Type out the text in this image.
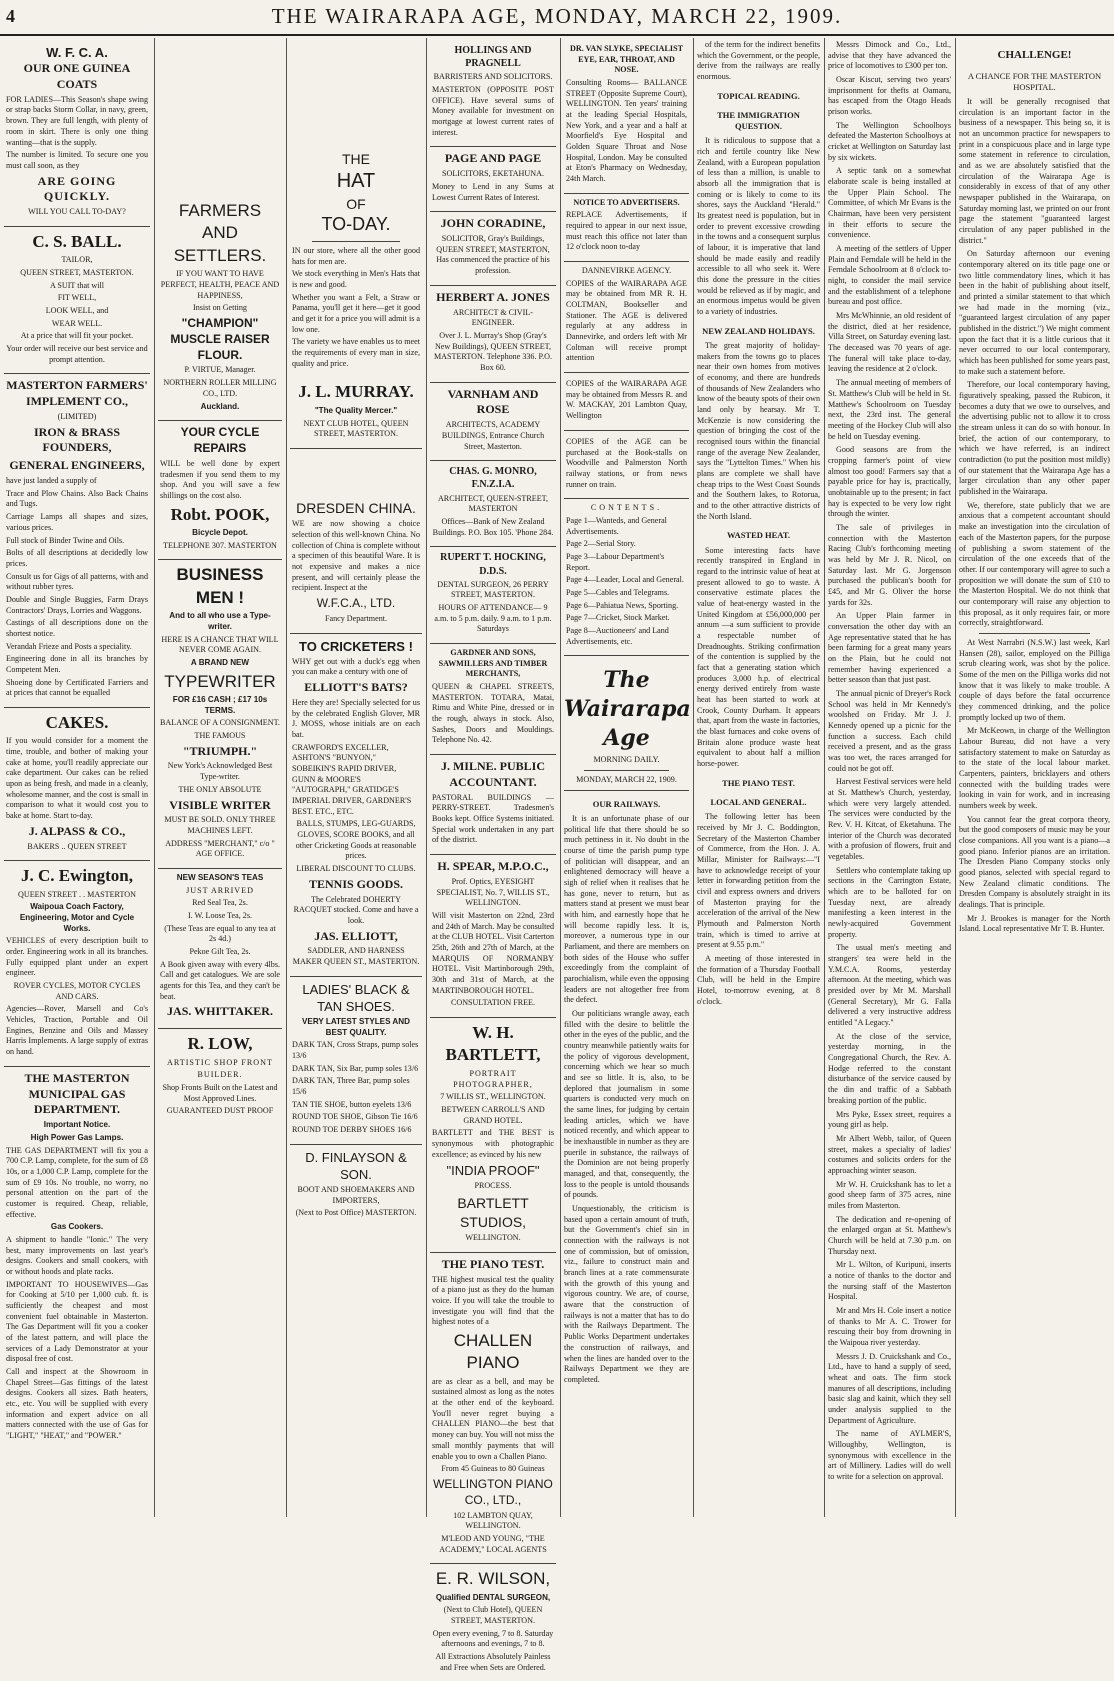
4	THE WAIRARAPA AGE, MONDAY, MARCH 22, 1909.
W. F. C. A.
OUR ONE GUINEA COATS

FOR LADIES—This Season's shape swing or strap backs Storm Collar, in navy, green, brown. They are full length, with plenty of room in skirt. There is only one thing wanting—that is the supply.

The number is limited. To secure one you must call soon, as they

ARE GOING QUICKLY.

WILL YOU CALL TO-DAY?

C. S. BALL.

TAILOR,

QUEEN STREET, MASTERTON.

A SUIT that will

FIT WELL,

LOOK WELL, and

WEAR WELL.

At a price that will fit your pocket.

Your order will receive our best service and prompt attention.

MASTERTON FARMERS' IMPLEMENT CO.,

(LIMITED)

IRON & BRASS FOUNDERS,

GENERAL ENGINEERS,

have just landed a supply of

Trace and Plow Chains. Also Back Chains and Tugs.

Carriage Lamps all shapes and sizes, various prices.

Full stock of Binder Twine and Oils.

Bolts of all descriptions at decidedly low prices.

Consult us for Gigs of all patterns, with and without rubber tyres.

Double and Single Buggies, Farm Drays Contractors' Drays, Lorries and Waggons.

Castings of all descriptions done on the shortest notice.

Verandah Frieze and Posts a speciality.

Engineering done in all its branches by Competent Men.

Shoeing done by Certificated Farriers and at prices that cannot be equalled

CAKES.

If you would consider for a moment the time, trouble, and bother of making your cake at home, you'll readily appreciate our cake department. Our cakes can be relied upon as being fresh, and made in a cleanly, wholesome manner, and the cost is small in comparison to what it would cost you to bake at home. Start to-day.

J. ALPASS & CO.,

BAKERS .. QUEEN STREET

J. C. Ewington,

QUEEN STREET . . MASTERTON

Waipoua Coach Factory, Engineering, Motor and Cycle Works.

VEHICLES of every description built to order. Engineering work in all its branches. Fully equipped plant under an expert engineer.

ROVER CYCLES, MOTOR CYCLES AND CARS.

Agencies—Rover, Marsell and Co's Vehicles, Traction, Portable and Oil Engines, Benzine and Oils and Massey Harris Implements. A large supply of extras on hand.

THE MASTERTON MUNICIPAL GAS DEPARTMENT.

Important Notice.

High Power Gas Lamps.

THE GAS DEPARTMENT will fix you a 700 C.P. Lamp, complete, for the sum of £8 10s, or a 1,000 C.P. Lamp, complete for the sum of £9 10s. No trouble, no worry, no personal attention on the part of the customer is required. Cheap, reliable, effective.

Gas Cookers.

A shipment to handle "Ionic." The very best, many improvements on last year's designs. Cookers and small cookers, with or without hoods and plate racks.

IMPORTANT TO HOUSEWIVES—Gas for Cooking at 5/10 per 1,000 cub. ft. is sufficiently the cheapest and most convenient fuel obtainable in Masterton. The Gas Department will fit you a cooker of the latest pattern, and will place the services of a Lady Demonstrator at your disposal free of cost.

Call and inspect at the Showroom in Chapel Street—Gas fittings of the latest designs. Cookers all sizes. Bath heaters, etc., etc. You will be supplied with every information and expert advice on all matters connected with the use of Gas for "LIGHT," "HEAT," and "POWER."

FARMERS AND SETTLERS.

IF YOU WANT TO HAVE PERFECT, HEALTH, PEACE AND HAPPINESS,

Insist on Getting

"CHAMPION" MUSCLE RAISER FLOUR.

P. VIRTUE, Manager.

NORTHERN ROLLER MILLING CO., LTD.

Auckland.

YOUR CYCLE REPAIRS

WILL be well done by expert tradesmen if you send them to my shop. And you will save a few shillings on the cost also.

Robt. POOK,

Bicycle Depot.

TELEPHONE 307. MASTERTON

BUSINESS MEN !

And to all who use a Type-writer.

HERE IS A CHANCE THAT WILL NEVER COME AGAIN.

A BRAND NEW

TYPEWRITER

FOR £16 CASH ; £17 10s TERMS.

BALANCE OF A CONSIGNMENT.

THE FAMOUS

"TRIUMPH."

New York's Acknowledged Best Type-writer.

THE ONLY ABSOLUTE

VISIBLE WRITER

MUST BE SOLD. ONLY THREE MACHINES LEFT.

ADDRESS "MERCHANT," c/o " AGE OFFICE.

NEW SEASON'S TEAS

JUST ARRIVED

Red Seal Tea, 2s.

I. W. Loose Tea, 2s.

(These Teas are equal to any tea at 2s 4d.)

Pekoe Gilt Tea, 2s.

A Book given away with every 4lbs. Call and get catalogues. We are sole agents for this Tea, and they can't be beat.

JAS. WHITTAKER.

R. LOW,

ARTISTIC SHOP FRONT

BUILDER.

Shop Fronts Built on the Latest and Most Approved Lines.

GUARANTEED DUST PROOF

THE
HAT
OF
TO-DAY.

IN our store, where all the other good hats for men are.

We stock everything in Men's Hats that is new and good.

Whether you want a Felt, a Straw or Panama, you'll get it here—get it good and get it for a price you will admit is a low one.

The variety we have enables us to meet the requirements of every man in size, quality and price.

J. L. MURRAY.

"The Quality Mercer."

NEXT CLUB HOTEL, QUEEN STREET, MASTERTON.

DRESDEN CHINA.

WE are now showing a choice selection of this well-known China. No collection of China is complete without a specimen of this beautiful Ware. It is not expensive and makes a nice present, and will certainly please the recipient. Inspect at the

W.F.C.A., LTD.

Fancy Department.

TO CRICKETERS !

WHY get out with a duck's egg when you can make a century with one of

ELLIOTT'S BATS?

Here they are! Specially selected for us by the celebrated English Glover, MR J. MOSS, whose initials are on each bat.

CRAWFORD'S EXCELLER, ASHTON'S "BUNYON," SOBEIKIN'S RAPID DRIVER, GUNN & MOORE'S "AUTOGRAPH," GRATIDGE'S IMPERIAL DRIVER, GARDNER'S BEST. ETC., ETC.

BALLS, STUMPS, LEG-GUARDS, GLOVES, SCORE BOOKS, and all other Cricketing Goods at reasonable prices.

LIBERAL DISCOUNT TO CLUBS.

TENNIS GOODS.

The Celebrated DOHERTY RACQUET stocked. Come and have a look.

JAS. ELLIOTT,

SADDLER, AND HARNESS MAKER QUEEN ST., MASTERTON.

LADIES' BLACK & TAN SHOES.

VERY LATEST STYLES AND BEST QUALITY.

DARK TAN, Cross Straps, pump soles 13/6

DARK TAN, Six Bar, pump soles 13/6

DARK TAN, Three Bar, pump soles 15/6

TAN TIE SHOE, button eyelets 13/6

ROUND TOE SHOE, Gibson Tie 16/6

ROUND TOE DERBY SHOES 16/6

D. FINLAYSON & SON.

BOOT AND SHOEMAKERS AND IMPORTERS,

(Next to Post Office) MASTERTON.

HOLLINGS AND PRAGNELL

BARRISTERS AND SOLICITORS.

MASTERTON (OPPOSITE POST OFFICE). Have several sums of Money available for investment on mortgage at lowest current rates of interest.

PAGE AND PAGE

SOLICITORS, EKETAHUNA.

Money to Lend in any Sums at Lowest Current Rates of Interest.

JOHN CORADINE,

SOLICITOR, Gray's Buildings, QUEEN STREET, MASTERTON, Has commenced the practice of his profession.

HERBERT A. JONES

ARCHITECT & CIVIL-ENGINEER.

Over J. L. Murray's Shop (Gray's New Buildings), QUEEN STREET, MASTERTON. Telephone 336. P.O. Box 60.

VARNHAM AND ROSE

ARCHITECTS, ACADEMY BUILDINGS, Entrance Church Street, Masterton.

CHAS. G. MONRO, F.N.Z.I.A.

ARCHITECT, QUEEN-STREET, MASTERTON

Offices—Bank of New Zealand Buildings. P.O. Box 105. 'Phone 284.

RUPERT T. HOCKING, D.D.S.

DENTAL SURGEON, 26 PERRY STREET, MASTERTON.

HOURS OF ATTENDANCE— 9 a.m. to 5 p.m. daily. 9 a.m. to 1 p.m. Saturdays

GARDNER AND SONS, SAWMILLERS AND TIMBER MERCHANTS,

QUEEN & CHAPEL STREETS, MASTERTON. TOTARA, Matai, Rimu and White Pine, dressed or in the rough, always in stock. Also, Sashes, Doors and Mouldings. Telephone No. 42.

J. MILNE. PUBLIC ACCOUNTANT.

PASTORAL BUILDINGS — PERRY-STREET. Tradesmen's Books kept. Office Systems initiated. Special work undertaken in any part of the district.

H. SPEAR, M.P.O.C.,

Prof. Optics, EYESIGHT SPECIALIST, No. 7, WILLIS ST., WELLINGTON.

Will visit Masterton on 22nd, 23rd and 24th of March. May be consulted at the CLUB HOTEL. Visit Carterton 25th, 26th and 27th of March, at the MARQUIS OF NORMANBY HOTEL. Visit Martinborough 29th, 30th and 31st of March, at the MARTINBOROUGH HOTEL.

CONSULTATION FREE.

W. H. BARTLETT,

PORTRAIT PHOTOGRAPHER,

7 WILLIS ST., WELLINGTON.

BETWEEN CARROLL'S AND GRAND HOTEL.

BARTLETT and THE BEST is synonymous with photographic excellence; as evinced by his new

"INDIA PROOF"

PROCESS.

BARTLETT STUDIOS,

WELLINGTON.

THE PIANO TEST.

THE highest musical test the quality of a piano just as they do the human voice. If you will take the trouble to investigate you will find that the highest notes of a

CHALLEN PIANO

are as clear as a bell, and may be sustained almost as long as the notes at the other end of the keyboard. You'll never regret buying a CHALLEN PIANO—the best that money can buy. You will not miss the small monthly payments that will enable you to own a Challen Piano.

From 45 Guineas to 80 Guineas

WELLINGTON PIANO CO., LTD.,

102 LAMBTON QUAY, WELLINGTON.

M'LEOD AND YOUNG, "THE ACADEMY," LOCAL AGENTS

E. R. WILSON,

Qualified DENTAL SURGEON,

(Next to Club Hotel), QUEEN STREET, MASTERTON.

Open every evening, 7 to 8. Saturday afternoons and evenings, 7 to 8.

All Extractions Absolutely Painless and Free when Sets are Ordered.

DR. VAN SLYKE, SPECIALIST EYE, EAR, THROAT, AND NOSE.

Consulting Rooms— BALLANCE STREET (Opposite Supreme Court), WELLINGTON. Ten years' training at the leading Special Hospitals, New York, and a year and a half at Moorfield's Eye Hospital and Golden Square Throat and Nose Hospital, London. May be consulted at Eton's Pharmacy on Wednesday, 24th March.

NOTICE TO ADVERTISERS.

REPLACE Advertisements, if required to appear in our next issue, must reach this office not later than 12 o'clock noon to-day

DANNEVIRKE AGENCY.

COPIES of the WAIRARAPA AGE may be obtained from MR R. H. COLTMAN, Bookseller and Stationer. The AGE is delivered regularly at any address in Dannevirke, and orders left with Mr Coltman will receive prompt attention

COPIES of the WAIRARAPA AGE may be obtained from Messrs R. and W. MACKAY, 201 Lambton Quay, Wellington

COPIES of the AGE can be purchased at the Book-stalls on Woodville and Palmerston North railway stations, or from news runner on train.

CONTENTS.

Page 1—Wanteds, and General Advertisements.

Page 2—Serial Story.

Page 3—Labour Department's Report.

Page 4—Leader, Local and General.

Page 5—Cables and Telegrams.

Page 6—Pahiatua News, Sporting.

Page 7—Cricket, Stock Market.

Page 8—Auctioneers' and Land Advertisements, etc.

The Wairarapa Age
MORNING DAILY.
MONDAY, MARCH 22, 1909.
OUR RAILWAYS.

It is an unfortunate phase of our political life that there should be so much pettiness in it. No doubt in the course of time the parish pump type of politician will disappear, and an enlightened democracy will heave a sigh of relief when it realises that he has gone, never to return, but as matters stand at present we must bear with him, and earnestly hope that he will become rapidly less. It is, moreover, a numerous type in our Parliament, and there are members on both sides of the House who suffer exceedingly from the complaint of parochialism, while even the opposing leaders are not altogether free from the defect.

Our politicians wrangle away, each filled with the desire to belittle the other in the eyes of the public, and the country meanwhile patiently waits for the policy of vigorous development, concerning which we hear so much and see so little. It is, also, to be deplored that journalism in some quarters is conducted very much on the same lines, for judging by certain leading articles, which we have noticed recently, and which appear to be inexhaustible in number as they are puerile in substance, the railways of the Dominion are not being properly managed, and that, consequently, the loss to the people is untold thousands of pounds.

Unquestionably, the criticism is based upon a certain amount of truth, but the Government's chief sin in connection with the railways is not one of commission, but of omission, viz., failure to construct main and branch lines at a rate commensurate with the growth of this young and vigorous country. We are, of course, aware that the construction of railways is not a matter that has to do with the Railways Department. The Public Works Department undertakes the construction of railways, and when the lines are handed over to the Railways Department we they are completed.

of the term for the indirect benefits which the Government, or the people, derive from the railways are really enormous.

TOPICAL READING.
THE IMMIGRATION QUESTION.

It is ridiculous to suppose that a rich and fertile country like New Zealand, with a European population of less than a million, is unable to absorb all the immigration that is coming or is likely to come to its shores, says the Auckland "Herald." Its greatest need is population, but in order to prevent excessive crowding in the towns and a consequent surplus of labour, it is imperative that land should be made easily and readily accessible to all who seek it. Were this done the pressure in the cities would be relieved as if by magic, and an enormous impetus would be given to a variety of industries.

NEW ZEALAND HOLIDAYS.

The great majority of holiday-makers from the towns go to places near their own homes from motives of economy, and there are hundreds of thousands of New Zealanders who know of the beauty spots of their own land only by hearsay. Mr T. McKenzie is now considering the question of bringing the cost of the recognised tours within the financial range of the average New Zealander, says the "Lyttelton Times." When his plans are complete we shall have cheap trips to the West Coast Sounds and the Southern lakes, to Rotorua, and to the other attractive districts of the North Island.

WASTED HEAT.

Some interesting facts have recently transpired in England in regard to the intrinsic value of heat at present allowed to go to waste. A conservative estimate places the value of heat-energy wasted in the United Kingdom at £56,000,000 per annum —a sum sufficient to provide a respectable number of Dreadnoughts. Striking confirmation of the contention is supplied by the fact that a generating station which produces 3,000 h.p. of electrical energy derived entirely from waste heat has been started to work at Crook, County Durham. It appears that, apart from the waste in factories, the blast furnaces and coke ovens of Britain alone produce waste heat equivalent to about half a million horse-power.

THE PIANO TEST.
LOCAL AND GENERAL.

The following letter has been received by Mr J. C. Boddington, Secretary of the Masterton Chamber of Commerce, from the Hon. J. A. Millar, Minister for Railways:—"I have to acknowledge receipt of your letter in forwarding petition from the civil and express owners and drivers of Masterton praying for the acceleration of the arrival of the New Plymouth and Palmerston North train, which is timed to arrive at present at 9.55 p.m."

A meeting of those interested in the formation of a Thursday Football Club, will be held in the Empire Hotel, to-morrow evening, at 8 o'clock.

Messrs Dimock and Co., Ltd., advise that they have advanced the price of locomotives to £300 per ton.

Oscar Kiscut, serving two years' imprisonment for thefts at Oamaru, has escaped from the Otago Heads prison works.

The Wellington Schoolboys defeated the Masterton Schoolboys at cricket at Wellington on Saturday last by six wickets.

A septic tank on a somewhat elaborate scale is being installed at the Upper Plain School. The Committee, of which Mr Evans is the Chairman, have been very persistent in their efforts to secure the convenience.

A meeting of the settlers of Upper Plain and Ferndale will be held in the Ferndale Schoolroom at 8 o'clock to-night, to consider the mail service and the establishment of a telephone bureau and post office.

Mrs McWhinnie, an old resident of the district, died at her residence, Villa Street, on Saturday evening last. The deceased was 70 years of age. The funeral will take place to-day, leaving the residence at 2 o'clock.

The annual meeting of members of St. Matthew's Club will be held in St. Matthew's Schoolroom on Tuesday next, the 23rd inst. The general meeting of the Hockey Club will also be held on Tuesday evening.

Good seasons are from the cropping farmer's point of view almost too good! Farmers say that a payable price for hay is, practically, unobtainable up to the present; in fact hay is expected to be very low right through the winter.

The sale of privileges in connection with the Masterton Racing Club's forthcoming meeting was held by Mr J. R. Nicol, on Saturday last. Mr G. Jorgenson purchased the publican's booth for £45, and Mr G. Oliver the horse yards for 32s.

An Upper Plain farmer in conversation the other day with an Age representative stated that he has been farming for a great many years on the Plain, but he could not remember having experienced a better season than that just past.

The annual picnic of Dreyer's Rock School was held in Mr Kennedy's woolshed on Friday. Mr J. J. Kennedy opened up a picnic for the function a success. Each child received a present, and as the grass was too wet, the races arranged for could not be got off.

Harvest Festival services were held at St. Matthew's Church, yesterday, which were very largely attended. The services were conducted by the Rev. V. H. Kitcat, of Eketahuna. The interior of the Church was decorated with a profusion of flowers, fruit and vegetables.

Settlers who contemplate taking up sections in the Carrington Estate, which are to be balloted for on Tuesday next, are already manifesting a keen interest in the newly-acquired Government property.

The usual men's meeting and strangers' tea were held in the Y.M.C.A. Rooms, yesterday afternoon. At the meeting, which was presided over by Mr M. Marshall (General Secretary), Mr G. Falla delivered a very instructive address entitled "A Legacy."

At the close of the service, yesterday morning, in the Congregational Church, the Rev. A. Hodge referred to the constant disturbance of the service caused by the din and traffic of a Sabbath breaking portion of the public.

Mrs Pyke, Essex street, requires a young girl as help.

Mr Albert Webb, tailor, of Queen street, makes a specialty of ladies' costumes and solicits orders for the approaching winter season.

Mr W. H. Cruickshank has to let a good sheep farm of 375 acres, nine miles from Masterton.

The dedication and re-opening of the enlarged organ at St. Matthew's Church will be held at 7.30 p.m. on Thursday next.

Mr L. Wilton, of Kuripuni, inserts a notice of thanks to the doctor and the nursing staff of the Masterton Hospital.

Mr and Mrs H. Cole insert a notice of thanks to Mr A. C. Trower for rescuing their boy from drowning in the Waipoua river yesterday.

Messrs J. D. Cruickshank and Co., Ltd., have to hand a supply of seed, wheat and oats. The firm stock manures of all descriptions, including basic slag and kainit, which they sell under analysis supplied to the Department of Agriculture.

The name of AYLMER'S, Willoughby, Wellington, is synonymous with excellence in the art of Millinery. Ladies will do well to write for a selection on approval.

CHALLENGE!
A CHANCE FOR THE MASTERTON HOSPITAL.

It will be generally recognised that circulation is an important factor in the business of a newspaper. This being so, it is not an uncommon practice for newspapers to print in a conspicuous place and in large type some statement in reference to circulation, and as we are absolutely satisfied that the circulation of the Wairarapa Age is considerably in excess of that of any other newspaper published in the Wairarapa, on Saturday morning last, we printed on our front page the statement "guaranteed largest circulation of any paper published in the district."

On Saturday afternoon our evening contemporary altered on its title page one or two little commendatory lines, which it has been in the habit of publishing about itself, and printed a similar statement to that which we had made in the morning (viz., "guaranteed largest circulation of any paper published in the district.") We might comment upon the fact that it is a little curious that it never occurred to our local contemporary, which has been published for some years past, to make such a statement before.

Therefore, our local contemporary having, figuratively speaking, passed the Rubicon, it becomes a duty that we owe to ourselves, and the advertising public not to allow it to cross the stream unless it can do so with honour. In brief, the action of our contemporary, to which we have referred, is an indirect contradiction (to put the position most mildly) of our statement that the Wairarapa Age has a larger circulation than any other paper published in the Wairarapa.

We, therefore, state publicly that we are anxious that a competent accountant should make an investigation into the circulation of each of the Masterton papers, for the purpose of publishing a sworn statement of the circulation of the one exceeds that of the other. If our contemporary will agree to such a proposition we will donate the sum of £10 to the Masterton Hospital. We do not think that our contemporary will raise any objection to this proposal, as it only requires fair, or more correctly, straightforward.

At West Narrabri (N.S.W.) last week, Karl Hansen (28), sailor, employed on the Pilliga scrub clearing work, was shot by the police. Some of the men on the Pilliga works did not know that it was likely to make trouble. A couple of days before the fatal occurrence they commenced drinking, and the police promptly locked up two of them.

Mr McKeown, in charge of the Wellington Labour Bureau, did not have a very satisfactory statement to make on Saturday as to the state of the local labour market. Carpenters, painters, bricklayers and others connected with the building trades were looking in vain for work, and in increasing numbers week by week.

You cannot fear the great corpora theory, but the good composers of music may be your close companions. All you want is a piano—a good piano. Inferior pianos are an irritation. The Dresden Piano Company stocks only good pianos, selected with special regard to New Zealand climatic conditions. The Dresden Company is absolutely straight in its dealings. That is principle.

Mr J. Brookes is manager for the North Island. Local representative Mr T. B. Hunter.
